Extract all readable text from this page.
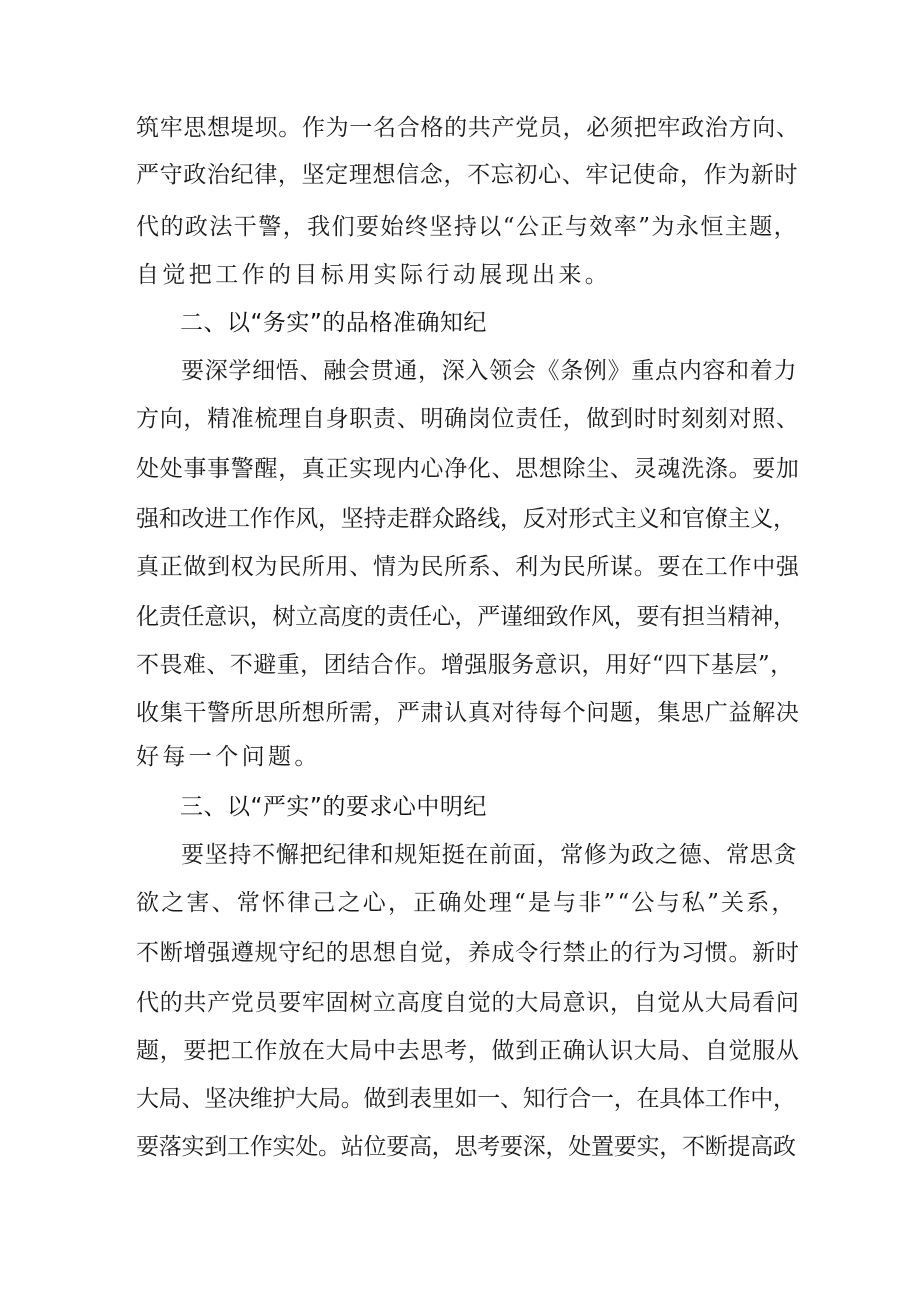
筑牢思想堤坝。作为一名合格的共产党员，必须把牢政治方向、
严守政治纪律，坚定理想信念，不忘初心、牢记使命，作为新时
代的政法干警，我们要始终坚持以“公正与效率”为永恒主题，
自觉把工作的目标用实际行动展现出来。
二、以“务实”的品格准确知纪
要深学细悟、融会贯通，深入领会《条例》重点内容和着力
方向，精准梳理自身职责、明确岗位责任，做到时时刻刻对照、
处处事事警醒，真正实现内心净化、思想除尘、灵魂洗涤。要加
强和改进工作作风，坚持走群众路线，反对形式主义和官僚主义，
真正做到权为民所用、情为民所系、利为民所谋。要在工作中强
化责任意识，树立高度的责任心，严谨细致作风，要有担当精神，
不畏难、不避重，团结合作。增强服务意识，用好“四下基层”，
收集干警所思所想所需，严肃认真对待每个问题，集思广益解决
好每一个问题。
三、以“严实”的要求心中明纪
要坚持不懈把纪律和规矩挺在前面，常修为政之德、常思贪
欲之害、常怀律己之心，正确处理“是与非”“公与私”关系，
不断增强遵规守纪的思想自觉，养成令行禁止的行为习惯。新时
代的共产党员要牢固树立高度自觉的大局意识，自觉从大局看问
题，要把工作放在大局中去思考，做到正确认识大局、自觉服从
大局、坚决维护大局。做到表里如一、知行合一，在具体工作中，
要落实到工作实处。站位要高，思考要深，处置要实，不断提高政
